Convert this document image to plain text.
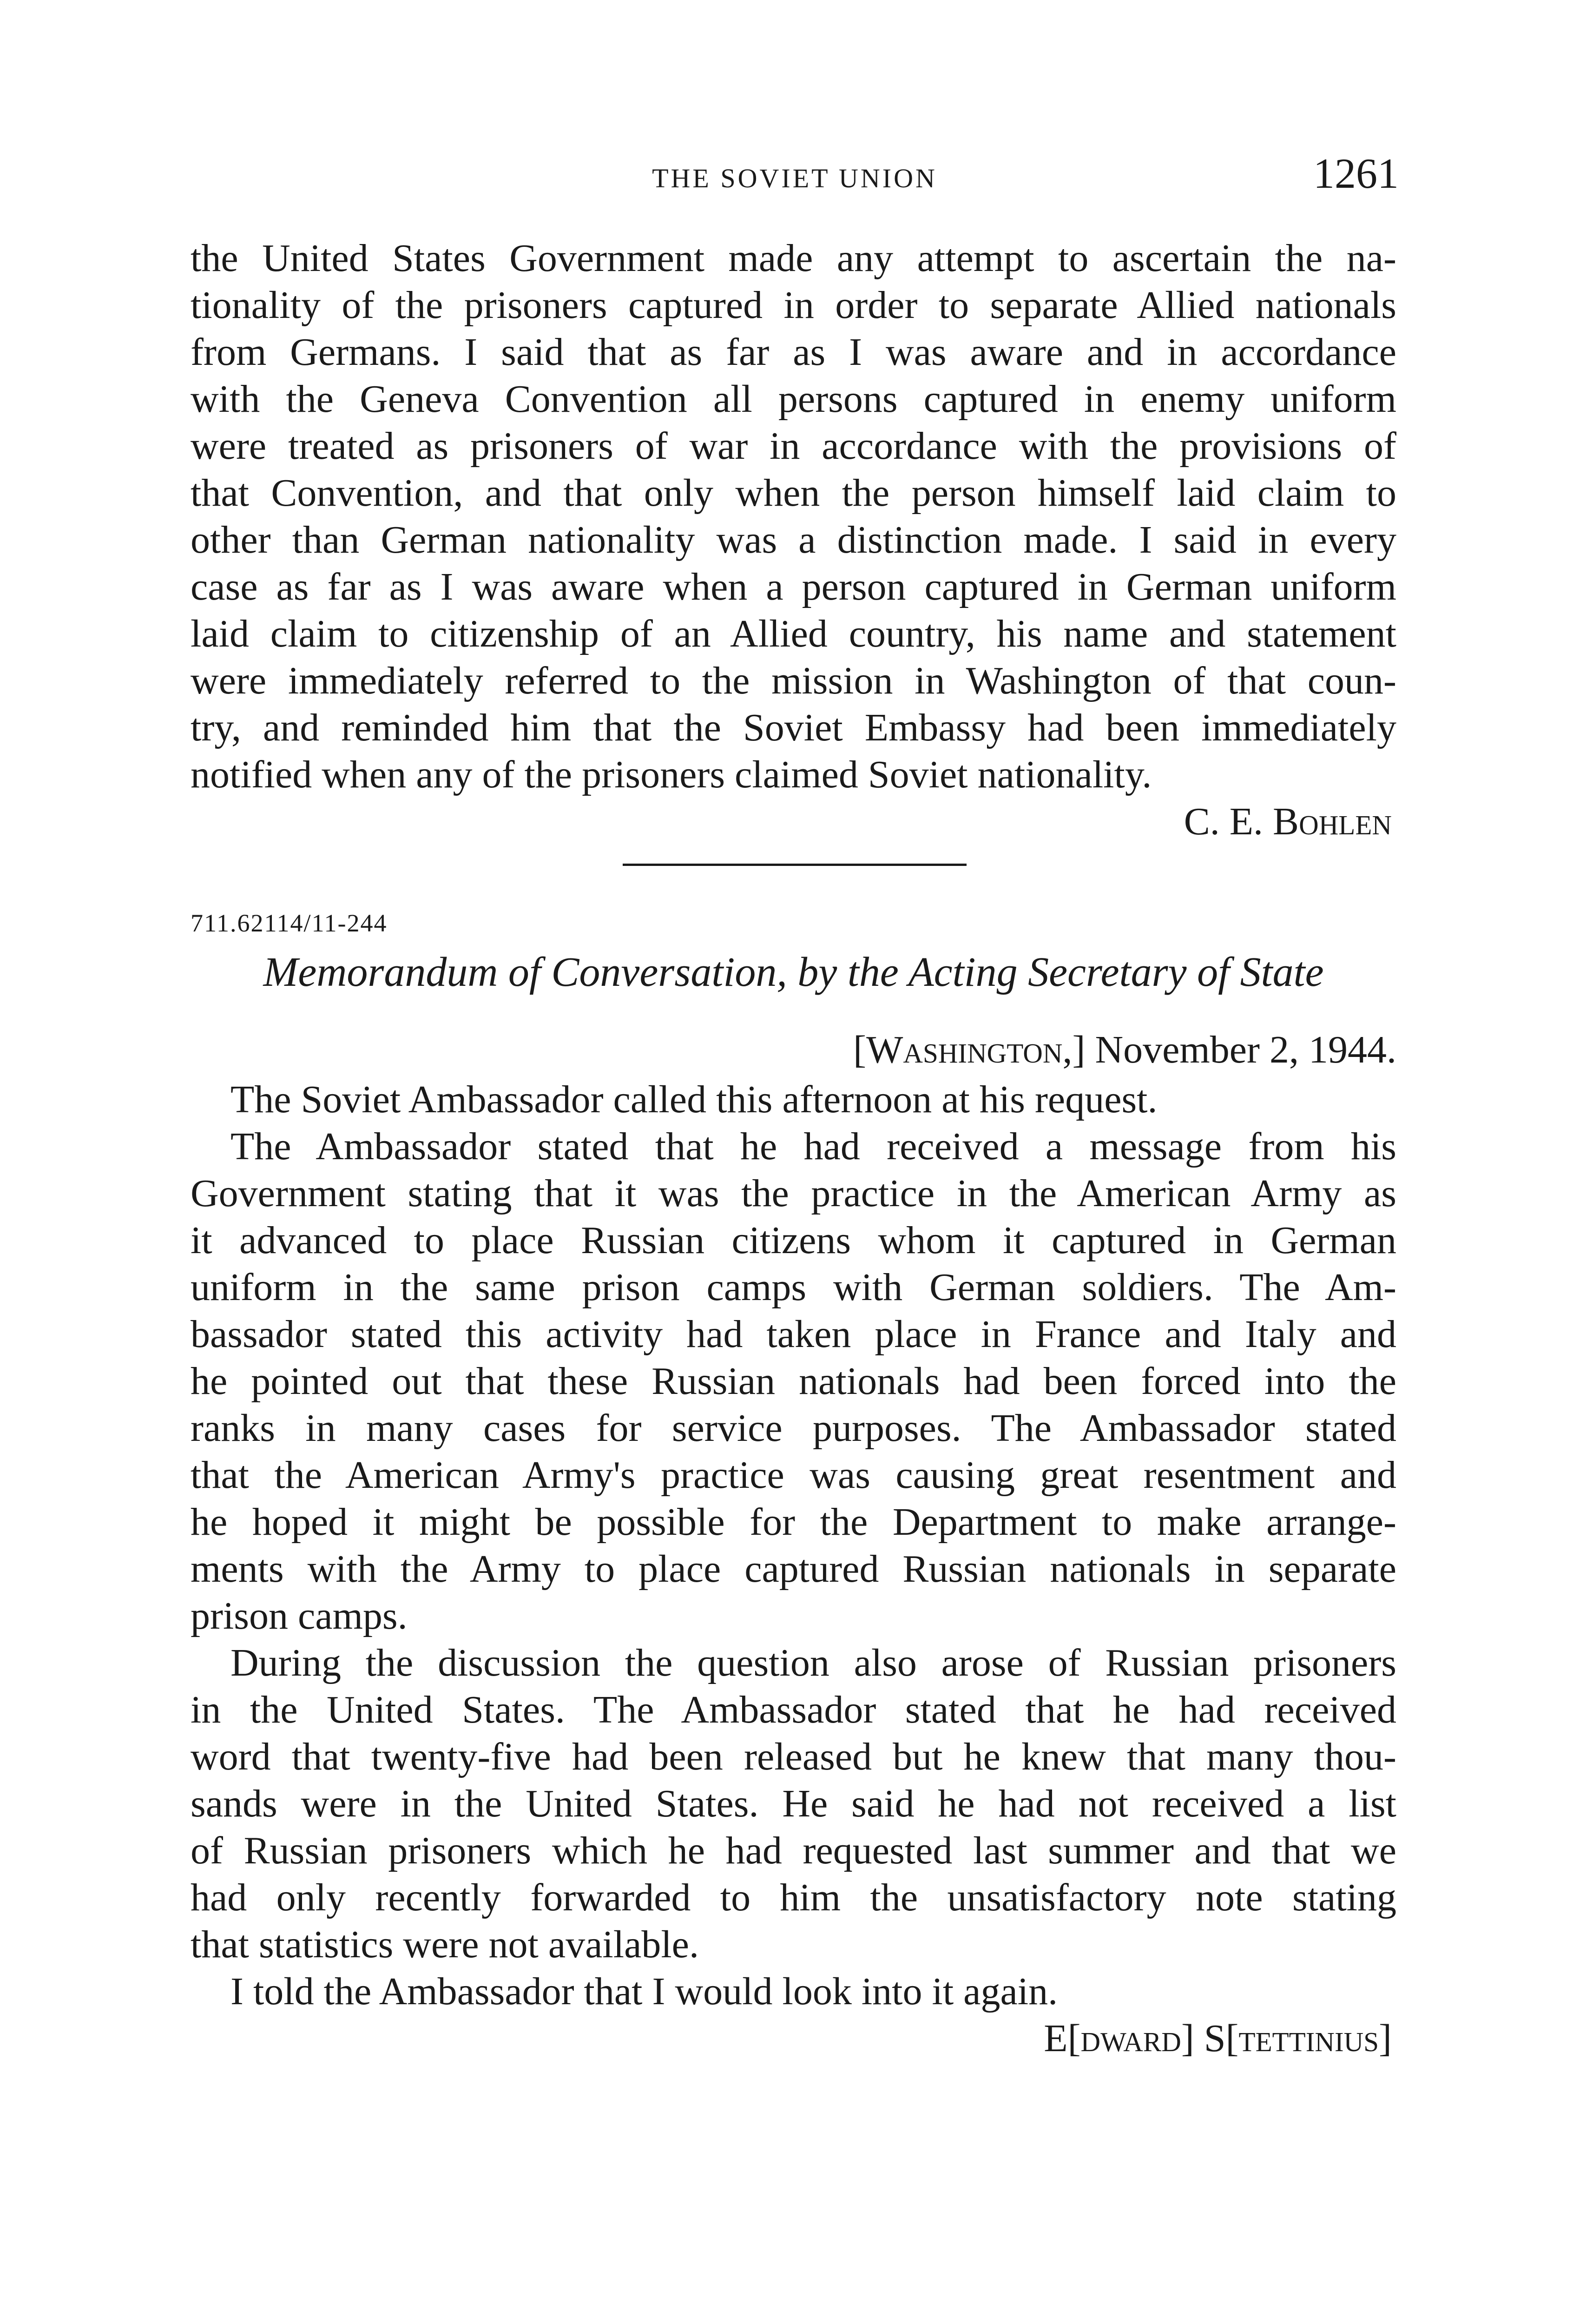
THE SOVIET UNION	1261
the United States Government made any attempt to ascertain the na-
tionality of the prisoners captured in order to separate Allied nationals
from Germans. I said that as far as I was aware and in accordance
with the Geneva Convention all persons captured in enemy uniform
were treated as prisoners of war in accordance with the provisions of
that Convention, and that only when the person himself laid claim to
other than German nationality was a distinction made. I said in every
case as far as I was aware when a person captured in German uniform
laid claim to citizenship of an Allied country, his name and statement
were immediately referred to the mission in Washington of that coun-
try, and reminded him that the Soviet Embassy had been immediately
notified when any of the prisoners claimed Soviet nationality.
C. E. Bohlen
711.62114/11-244
Memorandum of Conversation, by the Acting Secretary of State
[Washington,] November 2, 1944.
The Soviet Ambassador called this afternoon at his request.
The Ambassador stated that he had received a message from his
Government stating that it was the practice in the American Army as
it advanced to place Russian citizens whom it captured in German
uniform in the same prison camps with German soldiers. The Am-
bassador stated this activity had taken place in France and Italy and
he pointed out that these Russian nationals had been forced into the
ranks in many cases for service purposes. The Ambassador stated
that the American Army's practice was causing great resentment and
he hoped it might be possible for the Department to make arrange-
ments with the Army to place captured Russian nationals in separate
prison camps.
During the discussion the question also arose of Russian prisoners
in the United States. The Ambassador stated that he had received
word that twenty-five had been released but he knew that many thou-
sands were in the United States. He said he had not received a list
of Russian prisoners which he had requested last summer and that we
had only recently forwarded to him the unsatisfactory note stating
that statistics were not available.
I told the Ambassador that I would look into it again.
E[dward] S[tettinius]
